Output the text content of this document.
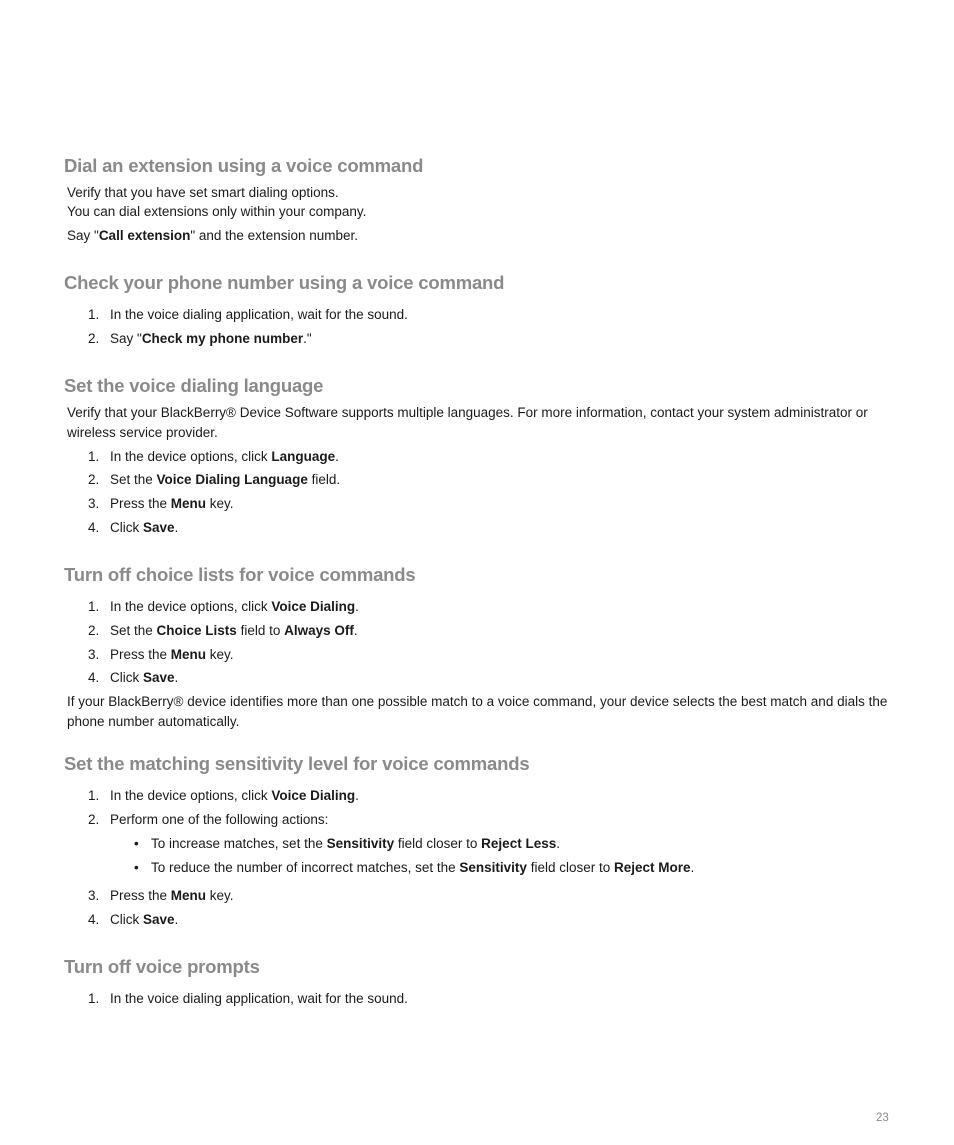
Dial an extension using a voice command

Verify that you have set smart dialing options.

You can dial extensions only within your company.

Say "Call extension" and the extension number.

Check your phone number using a voice command

1. In the voice dialing application, wait for the sound.

2. Say "Check my phone number."

Set the voice dialing language

Verify that your BlackBerry® Device Software supports multiple languages. For more information, contact your system administrator or wireless service provider.

1. In the device options, click Language.

2. Set the Voice Dialing Language field.

3. Press the Menu key.

4. Click Save.

Turn off choice lists for voice commands

1. In the device options, click Voice Dialing.

2. Set the Choice Lists field to Always Off.

3. Press the Menu key.

4. Click Save.

If your BlackBerry® device identifies more than one possible match to a voice command, your device selects the best match and dials the phone number automatically.

Set the matching sensitivity level for voice commands

1. In the device options, click Voice Dialing.

2. Perform one of the following actions:

• To increase matches, set the Sensitivity field closer to Reject Less.

• To reduce the number of incorrect matches, set the Sensitivity field closer to Reject More.

3. Press the Menu key.

4. Click Save.

Turn off voice prompts

1. In the voice dialing application, wait for the sound.

23
